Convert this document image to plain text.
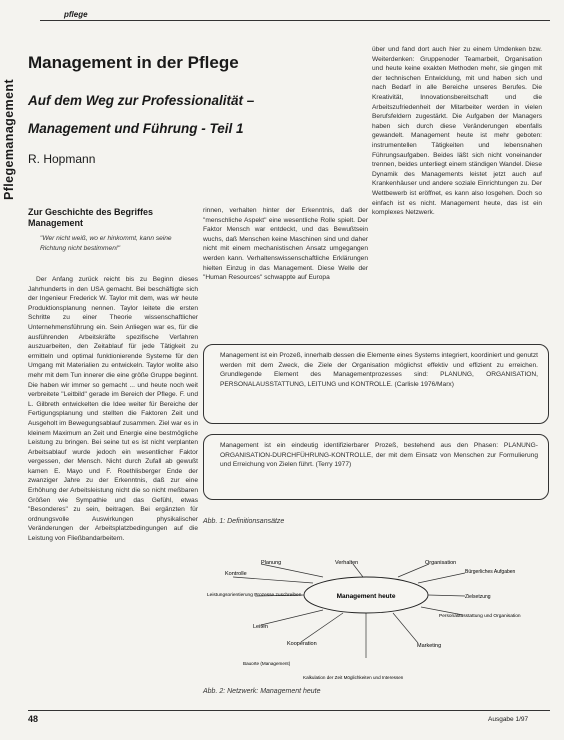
pflege
Pflegemanagement
Management in der Pflege
Auf dem Weg zur Professionalität –
Management und Führung - Teil 1
R. Hopmann
Zur Geschichte des Begriffes Management
"Wer nicht weiß, wo er hinkommt, kann seine Richtung nicht bestimmen!"

Der Anfang zurück reicht bis zu Beginn dieses Jahrhunderts in den USA gemacht. Bei beschäftigte sich der Ingenieur Frederick W. Taylor mit dem, was wir heute Produktionsplanung nennen. Taylor leitete die ersten Schritte zu einer Theorie wissenschaftlicher Unternehmensführung ein. Sein Anliegen war es, für die ausführenden Arbeitskräfte spezifische Verfahren auszuarbeiten, den Zeitablauf für jede Tätigkeit zu ermitteln und optimal funktionierende Systeme für den Umgang mit Materialien zu entwickeln. Taylor wollte also mehr mit dem Tun innerer die eine größe Gruppe beginnt. Die haben wir immer so gemacht ... und heute noch weit verbreitete "Leitbild" gerade im Bereich der Pflege. F. und L. Gilbreth entwickelten die Idee weiter für Bereiche der Fertigungsplanung und stellten die Faktoren Zeit und Ausgeholt im Bewegungsablauf zusammen. Ziel war es in kleinem Maximum an Zeit und Energie eine bestmögliche Leistung zu bringen. Bei seine tut es ist nicht verplanten Arbeitsablauf wurde jedoch ein wesentlicher Faktor vergessen, der Mensch. Nicht durch Zufall ab gewußt kamen E. Mayo und F. Roethlisberger Ende der zwanziger Jahre zu der Erkenntnis, daß zur eine Erhöhung der Arbeitsleistung nicht die so nicht meßbaren Größen wie Sympathie und das Gefühl, etwas "Besonderes" zu sein, beitragen. Bei ergänzten für ordnungsvolle Auswirkungen physikalischer Veränderungen der Arbeitsplatzbedingungen auf die Leistung von Fließbandarbeitern.

rinnen, verhalten hinter der Erkenntnis, daß der "menschliche Aspekt" eine wesentliche Rolle spielt. Der Faktor Mensch war entdeckt, und das Bewußtsein wuchs, daß Menschen keine Maschinen sind und daher nicht mit einem mechanistischen Ansatz umgegangen werden kann. Verhaltenswissenschaftliche Erklärungen hielten Einzug in das Management. Diese Welle der "Human Resources" schwappte auf Europa

über und fand dort auch hier zu einem Umdenken bzw. Weiterdenken: Gruppenoder Teamarbeit, Organisation und heute keine exakten Methoden mehr, sie gingen mit der technischen Entwicklung, mit und haben sich und nach Bedarf in alle Bereiche unseres Berufes. Die Kreativität, Innovationsbereitschaft und die Arbeitszufriedenheit der Mitarbeiter werden in vielen Berufsfeldern zugestärkt. Die Aufgaben der Managers haben sich durch diese Veränderungen ebenfalls gewandelt. Management heute ist mehr geboten: instrumentellen Tätigkeiten und lebensnahen Führungsaufgaben. Beides läßt sich nicht voneinander trennen, beides unterliegt einem ständigen Wandel. Diese Dynamik des Managements leistet jetzt auch auf Krankenhäuser und andere soziale Einrichtungen zu. Der Wettbewerb ist eröffnet, es kann also losgehen. Doch so einfach ist es nicht. Management heute, das ist ein komplexes Netzwerk.

Management ist ein Prozeß, innerhalb dessen die Elemente eines Systems integriert, koordiniert und genutzt werden mit dem Zweck, die Ziele der Organisation möglichst effektiv und effizient zu erreichen. Grundlegende Element des Managementprozesses sind: PLANUNG, ORGANISATION, PERSONALAUSSTATTUNG, LEITUNG und KONTROLLE. (Carlisle 1976/Marx)
Management ist ein eindeutig identifizierbarer Prozeß, bestehend aus den Phasen: PLANUNG-ORGANISATION-DURCHFÜHRUNG-KONTROLLE, der mit dem Einsatz von Menschen zur Formulierung und Erreichung von Zielen führt. (Terry 1977)
Abb. 1: Definitionsansätze
Management heute
Planung	Verhalten	Organisation
Kontrolle	Bürgerliches Aufgaben
Leistungsorientierung Prozesse zuschreiben	Zielsetzung
Leiten
Personalausstattung und Organisation
Kooperation	Marketing
Bauorte (Management)
Kalkulation der Zeit Möglichkeiten und Interessen
Abb. 2: Netzwerk: Management heute
48	Ausgabe 1/97
